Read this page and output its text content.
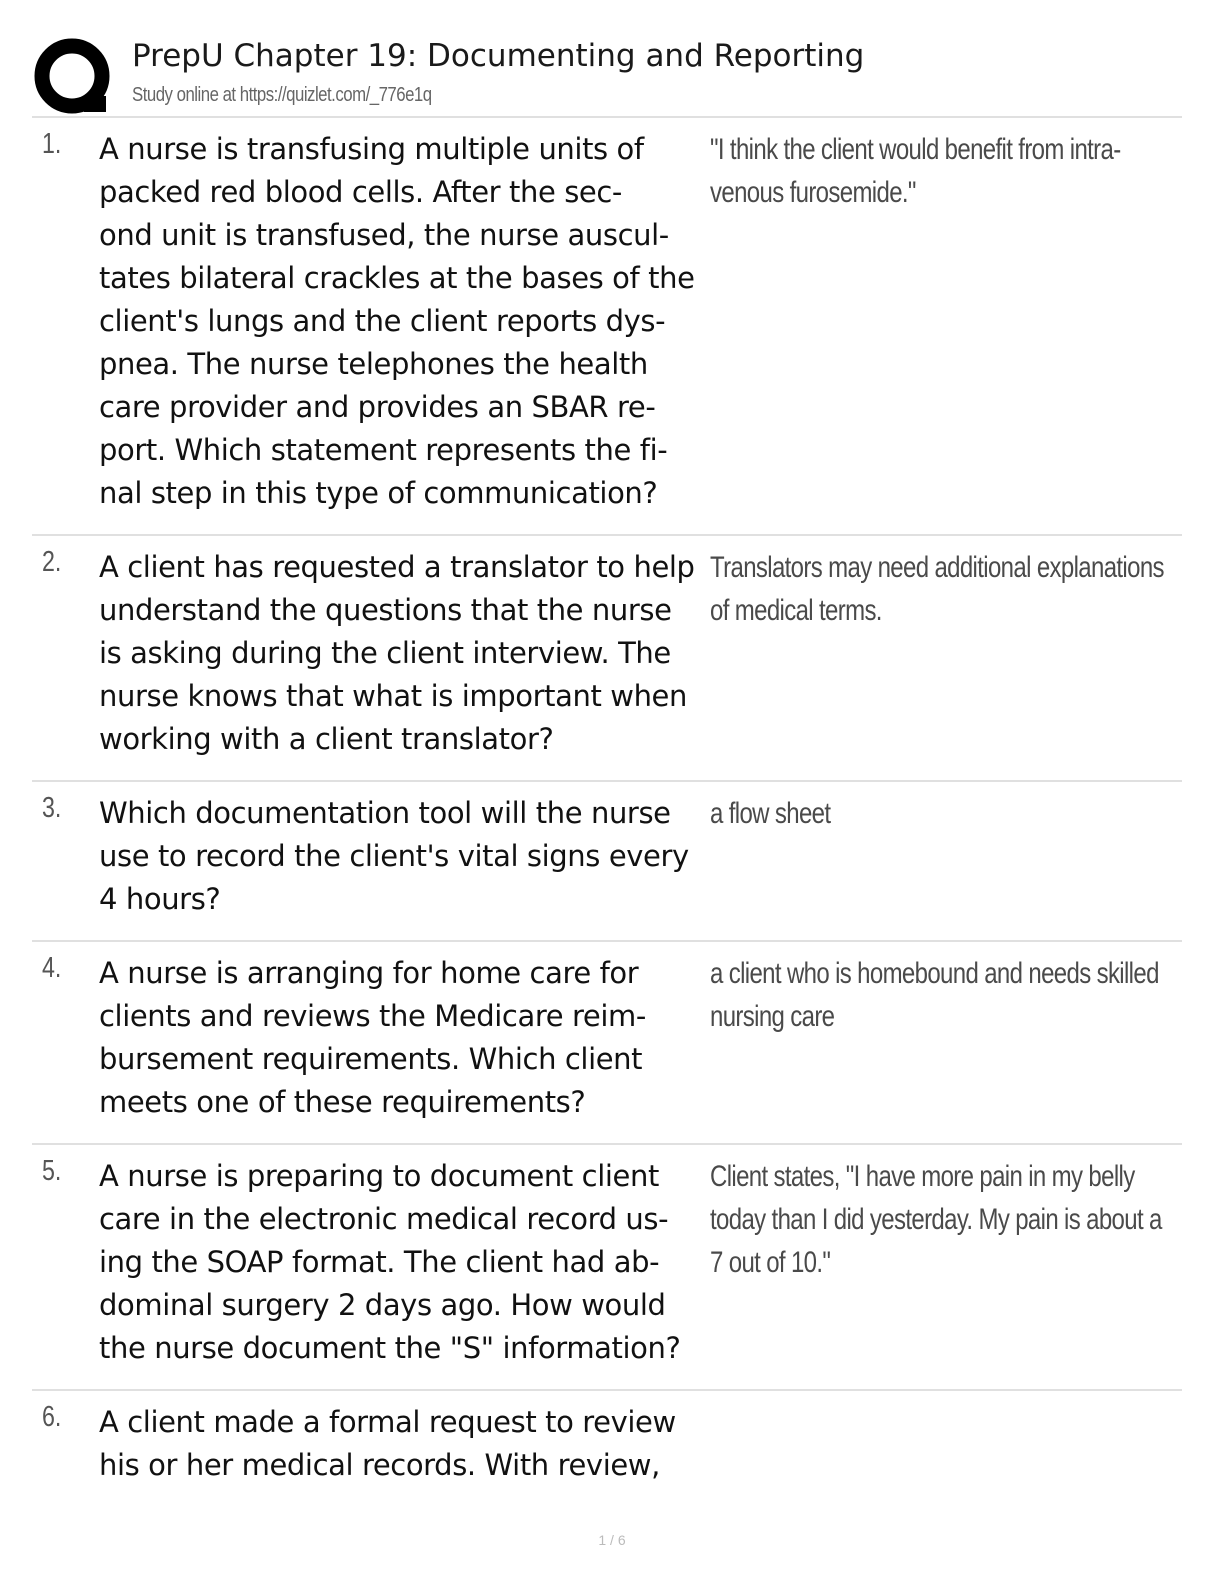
PrepU Chapter 19: Documenting and Reporting
Study online at https://quizlet.com/_776e1q
1. A nurse is transfusing multiple units of
packed red blood cells. After the sec-
ond unit is transfused, the nurse auscul-
tates bilateral crackles at the bases of the
client's lungs and the client reports dys-
pnea. The nurse telephones the health
care provider and provides an SBAR re-
port. Which statement represents the fi-
nal step in this type of communication?
"I think the client would benefit from intra-
venous furosemide."
2. A client has requested a translator to help
understand the questions that the nurse
is asking during the client interview. The
nurse knows that what is important when
working with a client translator?
Translators may need additional explanations
of medical terms.
3. Which documentation tool will the nurse
use to record the client's vital signs every
4 hours?
a flow sheet
4. A nurse is arranging for home care for
clients and reviews the Medicare reim-
bursement requirements. Which client
meets one of these requirements?
a client who is homebound and needs skilled
nursing care
5. A nurse is preparing to document client
care in the electronic medical record us-
ing the SOAP format. The client had ab-
dominal surgery 2 days ago. How would
the nurse document the "S" information?
Client states, "I have more pain in my belly
today than I did yesterday. My pain is about a
7 out of 10."
6. A client made a formal request to review
his or her medical records. With review,
1 / 6
